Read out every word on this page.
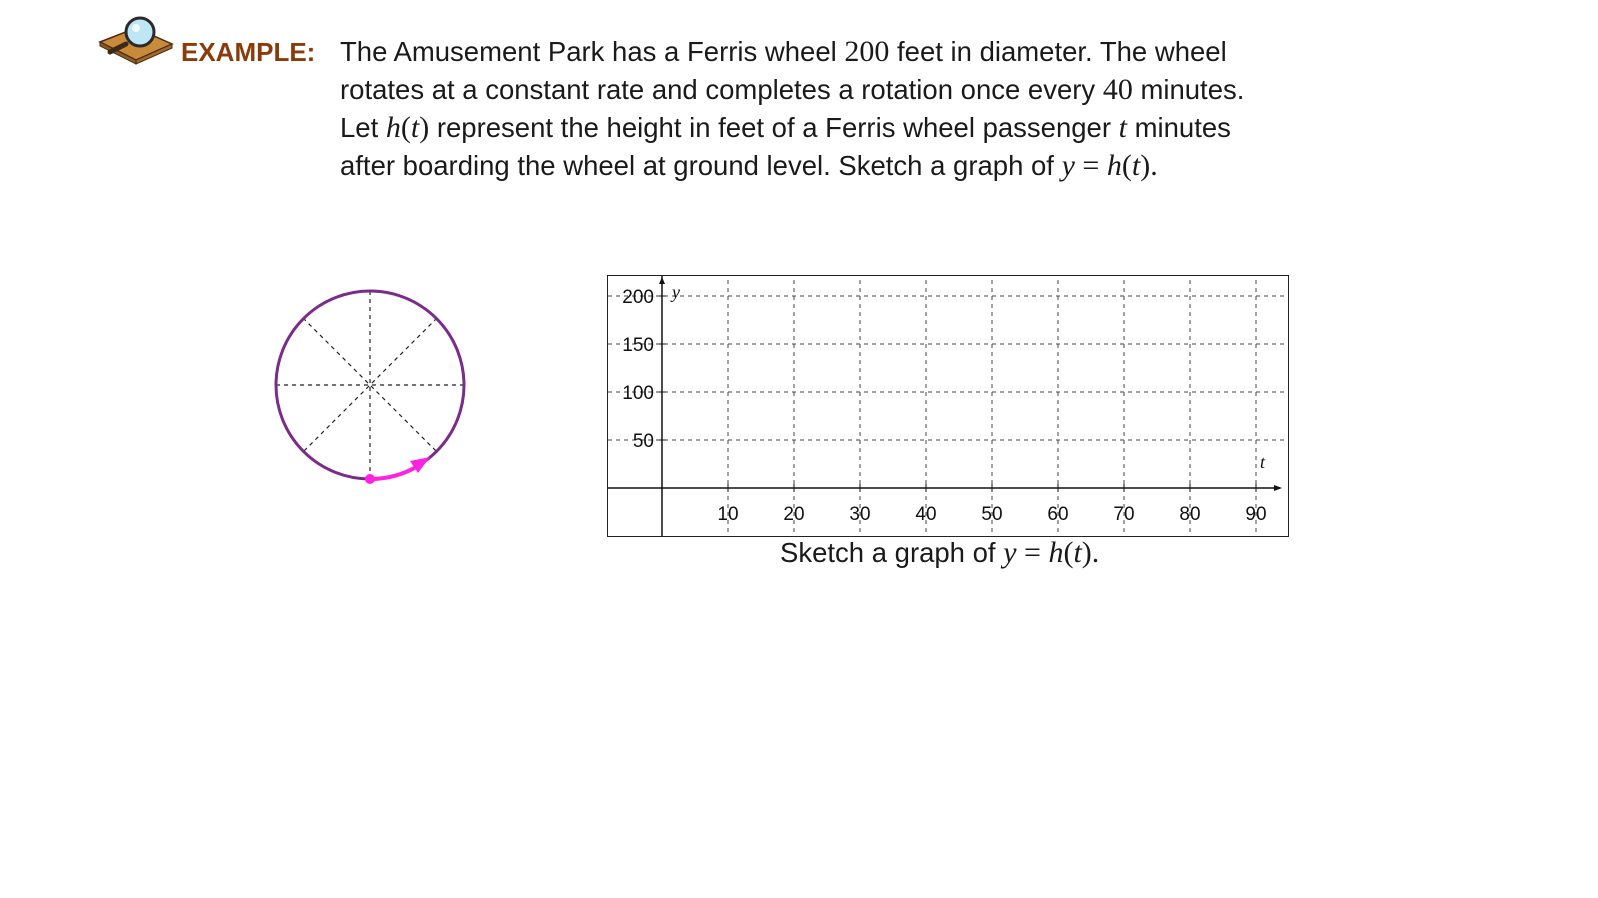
EXAMPLE: The Amusement Park has a Ferris wheel 200 feet in diameter. The wheel
rotates at a constant rate and completes a rotation once every 40 minutes.
Let h(t) represent the height in feet of a Ferris wheel passenger t minutes
after boarding the wheel at ground level. Sketch a graph of y = h(t).
10 20 30 40 50 60 70 80 90
50
100
150
200 y
t
Sketch a graph of y = h(t).
